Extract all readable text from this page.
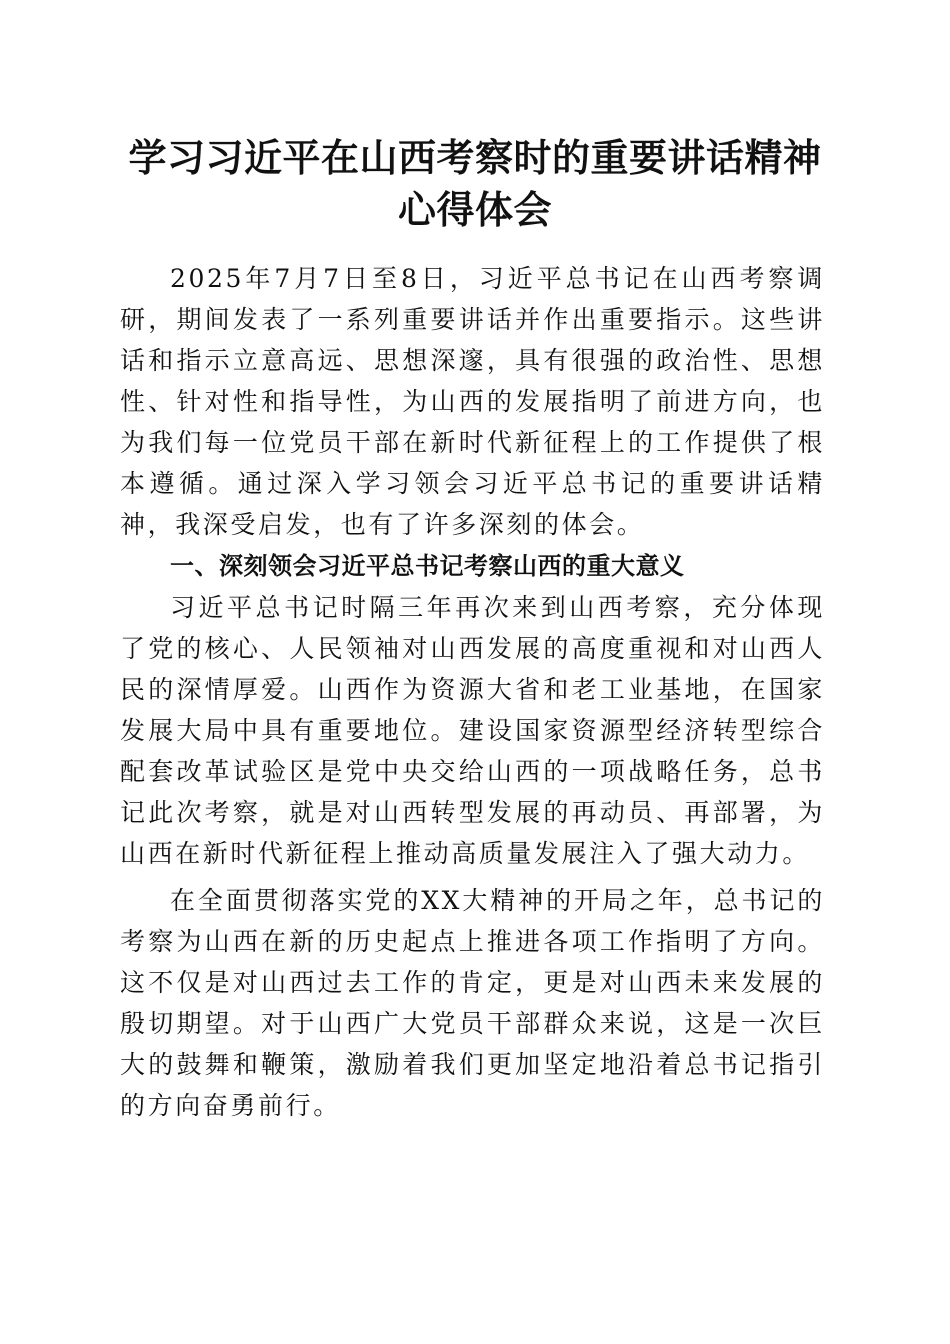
学习习近平在山西考察时的重要讲话精神心得体会

2025年7月7日至8日，习近平总书记在山西考察调研，期间发表了一系列重要讲话并作出重要指示。这些讲话和指示立意高远、思想深邃，具有很强的政治性、思想性、针对性和指导性，为山西的发展指明了前进方向，也为我们每一位党员干部在新时代新征程上的工作提供了根本遵循。通过深入学习领会习近平总书记的重要讲话精神，我深受启发，也有了许多深刻的体会。

一、深刻领会习近平总书记考察山西的重大意义

习近平总书记时隔三年再次来到山西考察，充分体现了党的核心、人民领袖对山西发展的高度重视和对山西人民的深情厚爱。山西作为资源大省和老工业基地，在国家发展大局中具有重要地位。建设国家资源型经济转型综合配套改革试验区是党中央交给山西的一项战略任务，总书记此次考察，就是对山西转型发展的再动员、再部署，为山西在新时代新征程上推动高质量发展注入了强大动力。

在全面贯彻落实党的XX大精神的开局之年，总书记的考察为山西在新的历史起点上推进各项工作指明了方向。这不仅是对山西过去工作的肯定，更是对山西未来发展的殷切期望。对于山西广大党员干部群众来说，这是一次巨大的鼓舞和鞭策，激励着我们更加坚定地沿着总书记指引的方向奋勇前行。
